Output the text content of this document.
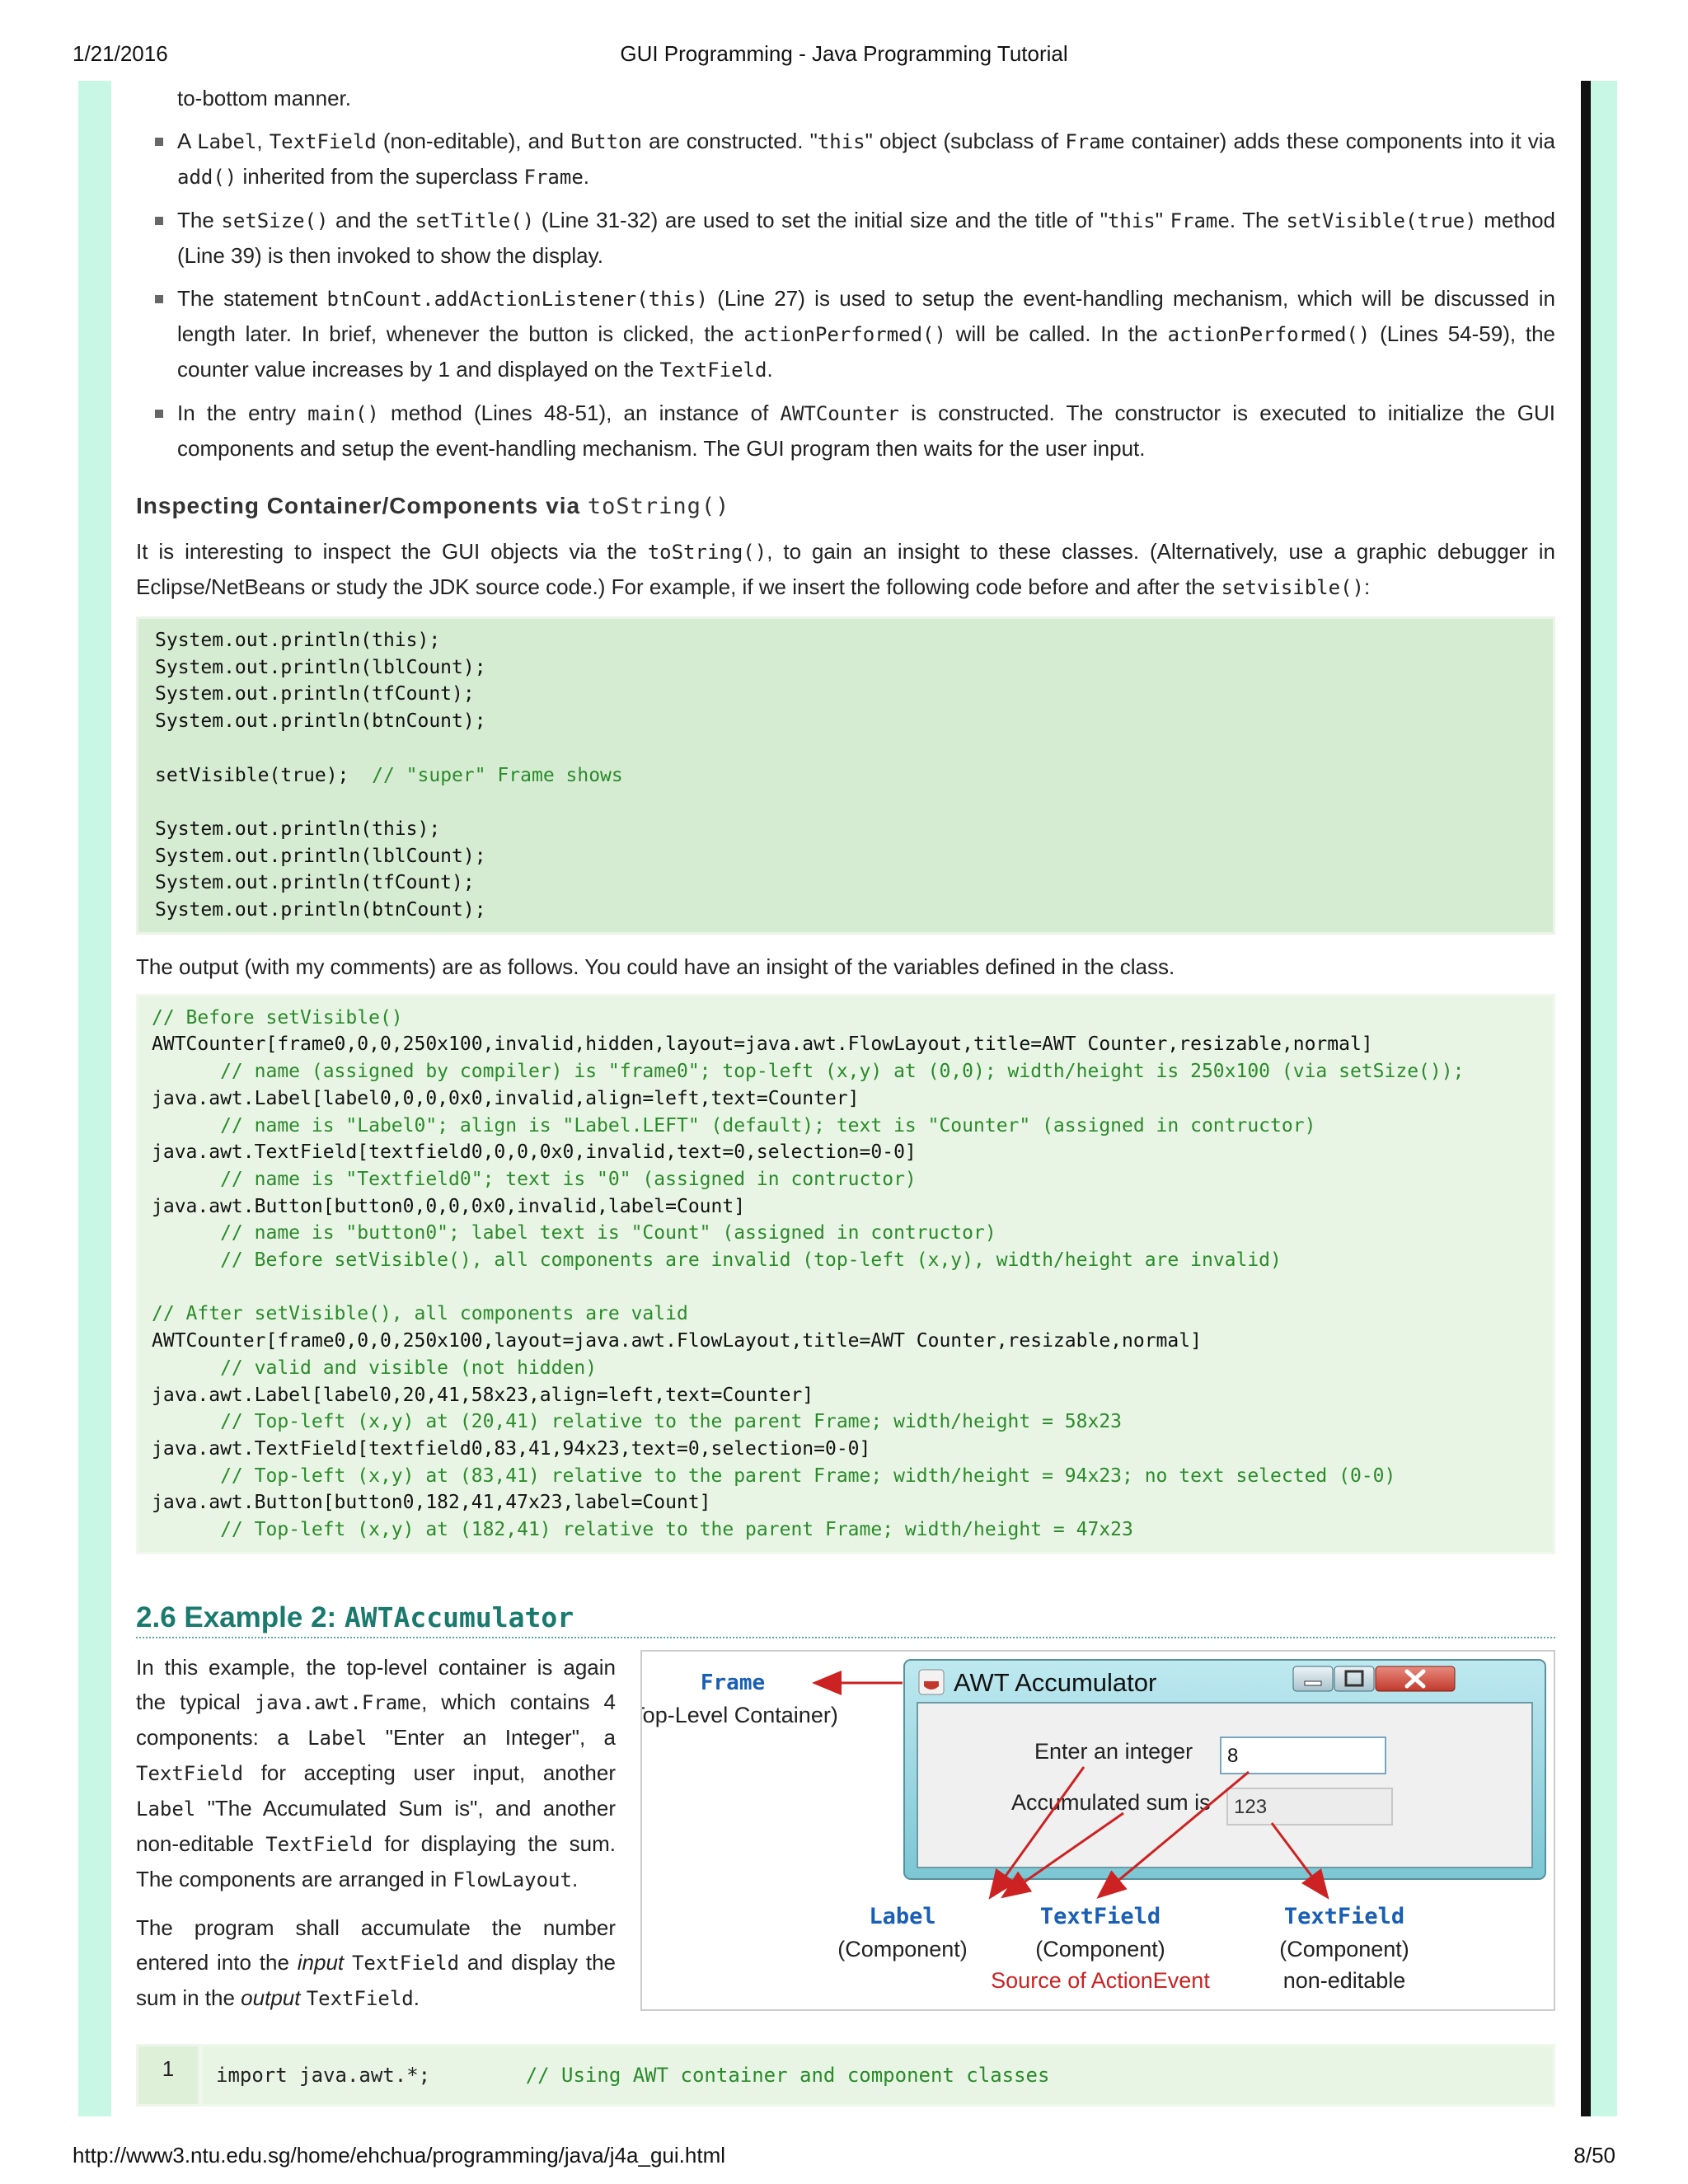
1/21/2016	GUI Programming - Java Programming Tutorial

to-bottom manner.

A Label, TextField (non-editable), and Button are constructed. "this" object (subclass of Frame container) adds these components into it via add() inherited from the superclass Frame.
The setSize() and the setTitle() (Line 31-32) are used to set the initial size and the title of "this" Frame. The setVisible(true) method (Line 39) is then invoked to show the display.
The statement btnCount.addActionListener(this) (Line 27) is used to setup the event-handling mechanism, which will be discussed in length later. In brief, whenever the button is clicked, the actionPerformed() will be called. In the actionPerformed() (Lines 54-59), the counter value increases by 1 and displayed on the TextField.
In the entry main() method (Lines 48-51), an instance of AWTCounter is constructed. The constructor is executed to initialize the GUI components and setup the event-handling mechanism. The GUI program then waits for the user input.
Inspecting Container/Components via toString()

It is interesting to inspect the GUI objects via the toString(), to gain an insight to these classes. (Alternatively, use a graphic debugger in Eclipse/NetBeans or study the JDK source code.) For example, if we insert the following code before and after the setvisible():

System.out.println(this);
System.out.println(lblCount);
System.out.println(tfCount);
System.out.println(btnCount);

setVisible(true);  // "super" Frame shows

System.out.println(this);
System.out.println(lblCount);
System.out.println(tfCount);
System.out.println(btnCount);

The output (with my comments) are as follows. You could have an insight of the variables defined in the class.

// Before setVisible()
AWTCounter[frame0,0,0,250x100,invalid,hidden,layout=java.awt.FlowLayout,title=AWT Counter,resizable,normal]
// name (assigned by compiler) is "frame0"; top-left (x,y) at (0,0); width/height is 250x100 (via setSize());
java.awt.Label[label0,0,0,0x0,invalid,align=left,text=Counter]
// name is "Label0"; align is "Label.LEFT" (default); text is "Counter" (assigned in contructor)
java.awt.TextField[textfield0,0,0,0x0,invalid,text=0,selection=0-0]
// name is "Textfield0"; text is "0" (assigned in contructor)
java.awt.Button[button0,0,0,0x0,invalid,label=Count]
// name is "button0"; label text is "Count" (assigned in contructor)
// Before setVisible(), all components are invalid (top-left (x,y), width/height are invalid)

// After setVisible(), all components are valid
AWTCounter[frame0,0,0,250x100,layout=java.awt.FlowLayout,title=AWT Counter,resizable,normal]
// valid and visible (not hidden)
java.awt.Label[label0,20,41,58x23,align=left,text=Counter]
// Top-left (x,y) at (20,41) relative to the parent Frame; width/height = 58x23
java.awt.TextField[textfield0,83,41,94x23,text=0,selection=0-0]
// Top-left (x,y) at (83,41) relative to the parent Frame; width/height = 94x23; no text selected (0-0)
java.awt.Button[button0,182,41,47x23,label=Count]
// Top-left (x,y) at (182,41) relative to the parent Frame; width/height = 47x23
2.6 Example 2: AWTAccumulator

In this example, the top-level container is again the typical java.awt.Frame, which contains 4 components: a Label "Enter an Integer", a TextField for accepting user input, another Label "The Accumulated Sum is", and another non-editable TextField for displaying the sum. The components are arranged in FlowLayout.

The program shall accumulate the number entered into the input TextField and display the sum in the output TextField.

Frame
(Top-Level Container)
AWT Accumulator
Enter an integer 8
Accumulated sum is 123
Label
(Component)
TextField
(Component)
Source of ActionEvent
TextField
(Component)
non-editable
1	import java.awt.*;        // Using AWT container and component classes
http://www3.ntu.edu.sg/home/ehchua/programming/java/j4a_gui.html	8/50
